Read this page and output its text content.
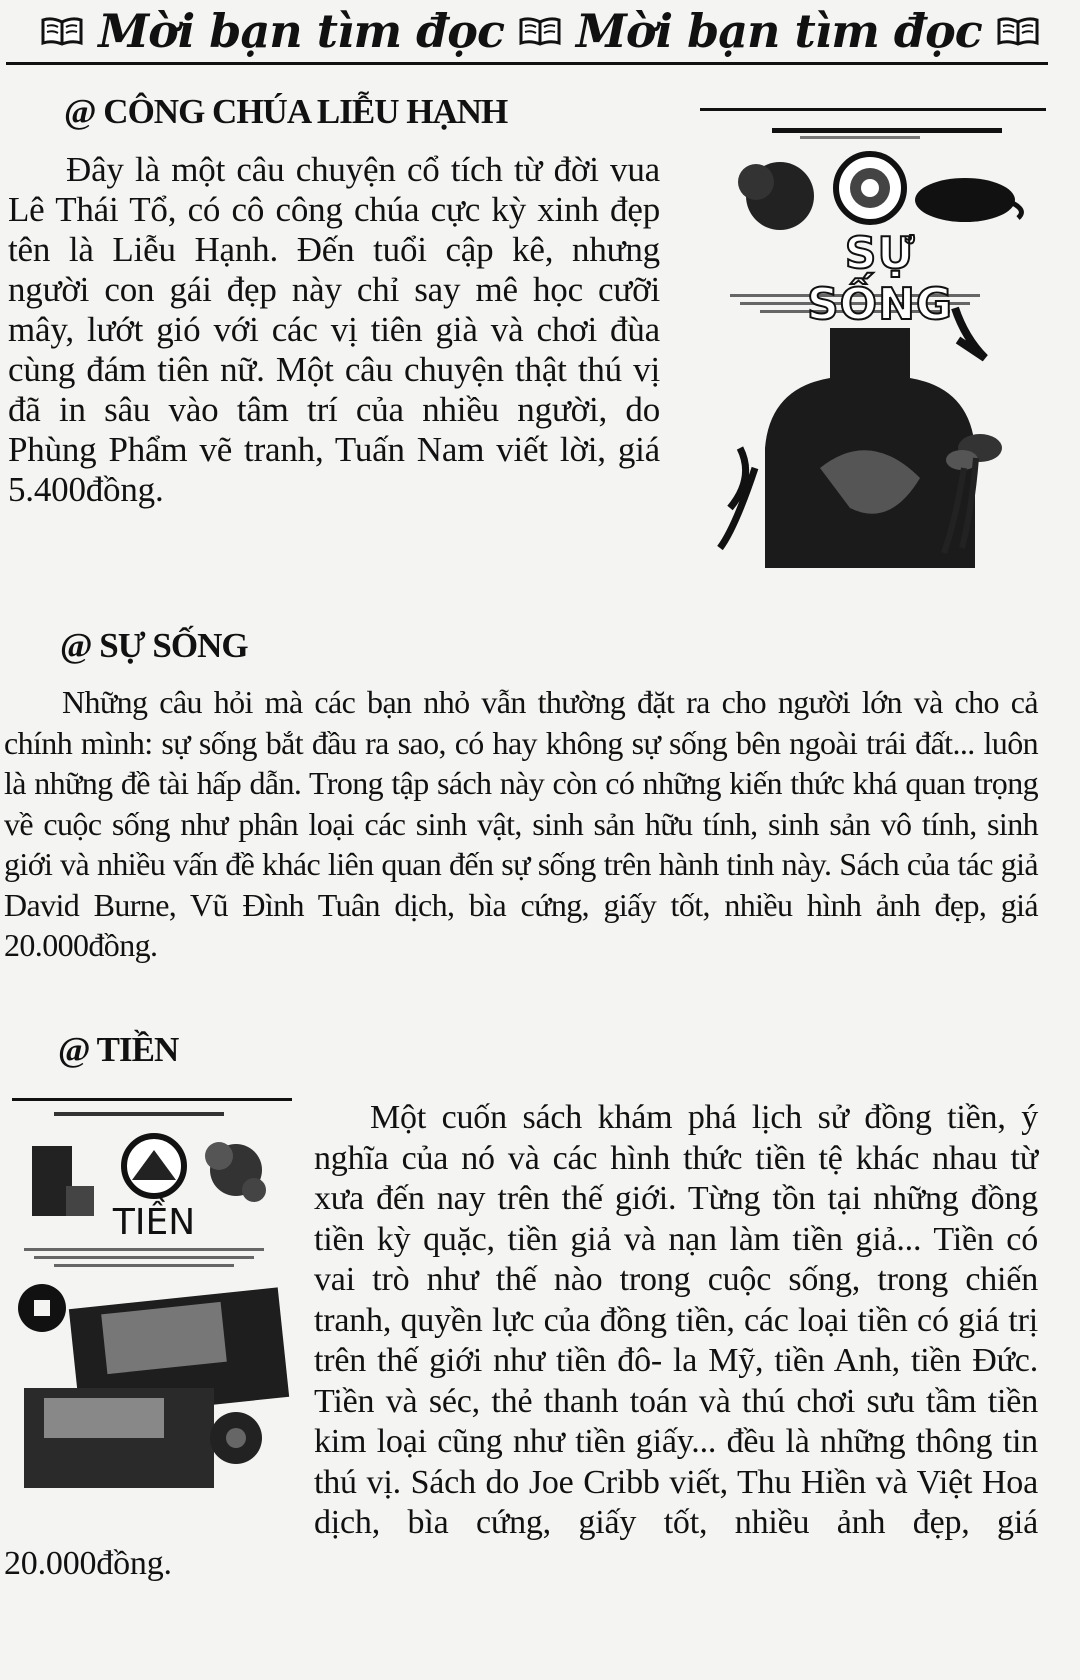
Mời bạn tìm đọc Mời bạn tìm đọc
@ CÔNG CHÚA LIỄU HẠNH

Đây là một câu chuyện cổ tích từ đời vua Lê Thái Tổ, có cô công chúa cực kỳ xinh đẹp tên là Liễu Hạnh. Đến tuổi cập kê, nhưng người con gái đẹp này chỉ say mê học cưỡi mây, lướt gió với các vị tiên già và chơi đùa cùng đám tiên nữ. Một câu chuyện thật thú vị đã in sâu vào tâm trí của nhiều người, do Phùng Phẩm vẽ tranh, Tuấn Nam viết lời, giá 5.400đồng.

SỰ SỐNG
@ SỰ SỐNG

Những câu hỏi mà các bạn nhỏ vẫn thường đặt ra cho người lớn và cho cả chính mình: sự sống bắt đầu ra sao, có hay không sự sống bên ngoài trái đất... luôn là những đề tài hấp dẫn. Trong tập sách này còn có những kiến thức khá quan trọng về cuộc sống như phân loại các sinh vật, sinh sản hữu tính, sinh sản vô tính, sinh giới và nhiều vấn đề khác liên quan đến sự sống trên hành tinh này. Sách của tác giả David Burne, Vũ Đình Tuân dịch, bìa cứng, giấy tốt, nhiều hình ảnh đẹp, giá 20.000đồng.

@ TIỀN
TIỀN

Một cuốn sách khám phá lịch sử đồng tiền, ý nghĩa của nó và các hình thức tiền tệ khác nhau từ xưa đến nay trên thế giới. Từng tồn tại những đồng tiền kỳ quặc, tiền giả và nạn làm tiền giả... Tiền có vai trò như thế nào trong cuộc sống, trong chiến tranh, quyền lực của đồng tiền, các loại tiền có giá trị trên thế giới như tiền đô- la Mỹ, tiền Anh, tiền Đức. Tiền và séc, thẻ thanh toán và thú chơi sưu tầm tiền kim loại cũng như tiền giấy... đều là những thông tin thú vị. Sách do Joe Cribb viết, Thu Hiền và Việt Hoa dịch, bìa cứng, giấy tốt, nhiều ảnh đẹp, giá 20.000đồng.
